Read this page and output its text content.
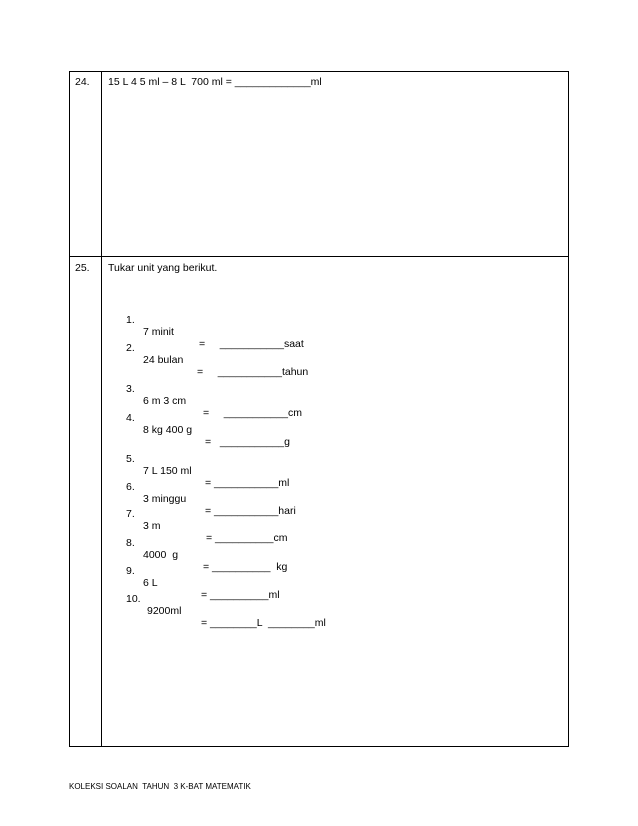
24. 15 L 4 5 ml – 8 L  700 ml = _____________ml
25. Tukar unit yang berikut.

1.

7 minit

=     ___________saat

2.

24 bulan

=     ___________tahun

3.

6 m 3 cm

=     ___________cm

4.

8 kg 400 g

=   ___________g

5.

7 L 150 ml

= ___________ml

6.

3 minggu

= ___________hari

7.

3 m

= __________cm

8.

4000  g

= __________  kg

9.

6 L

= __________ml

10.

9200ml

= ________L  ________ml

KOLEKSI SOALAN  TAHUN  3 K-BAT MATEMATIK
